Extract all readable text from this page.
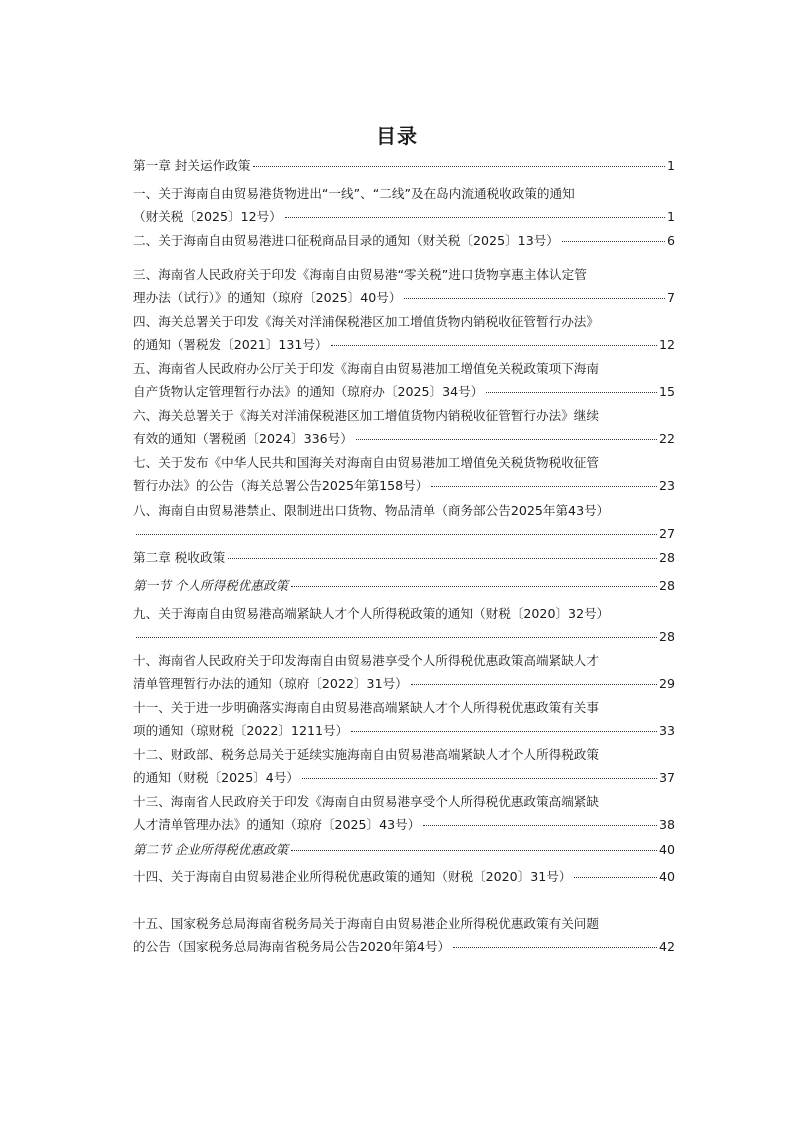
目录
第一章 封关运作政策	1
一、关于海南自由贸易港货物进出“一线”、“二线”及在岛内流通税收政策的通知
（财关税〔2025〕12号）	1
二、关于海南自由贸易港进口征税商品目录的通知（财关税〔2025〕13号）	6
三、海南省人民政府关于印发《海南自由贸易港“零关税”进口货物享惠主体认定管
理办法（试行）》的通知（琼府〔2025〕40号）	7
四、海关总署关于印发《海关对洋浦保税港区加工增值货物内销税收征管暂行办法》
的通知（署税发〔2021〕131号）	12
五、海南省人民政府办公厅关于印发《海南自由贸易港加工增值免关税政策项下海南
自产货物认定管理暂行办法》的通知（琼府办〔2025〕34号）	15
六、海关总署关于《海关对洋浦保税港区加工增值货物内销税收征管暂行办法》继续
有效的通知（署税函〔2024〕336号）	22
七、关于发布《中华人民共和国海关对海南自由贸易港加工增值免关税货物税收征管
暂行办法》的公告（海关总署公告2025年第158号）	23
八、海南自由贸易港禁止、限制进出口货物、物品清单（商务部公告2025年第43号）
27
第二章 税收政策	28
第一节 个人所得税优惠政策	28
九、关于海南自由贸易港高端紧缺人才个人所得税政策的通知（财税〔2020〕32号）
28
十、海南省人民政府关于印发海南自由贸易港享受个人所得税优惠政策高端紧缺人才
清单管理暂行办法的通知（琼府〔2022〕31号）	29
十一、关于进一步明确落实海南自由贸易港高端紧缺人才个人所得税优惠政策有关事
项的通知（琼财税〔2022〕1211号）	33
十二、财政部、税务总局关于延续实施海南自由贸易港高端紧缺人才个人所得税政策
的通知（财税〔2025〕4号）	37
十三、海南省人民政府关于印发《海南自由贸易港享受个人所得税优惠政策高端紧缺
人才清单管理办法》的通知（琼府〔2025〕43号）	38
第二节 企业所得税优惠政策	40
十四、关于海南自由贸易港企业所得税优惠政策的通知（财税〔2020〕31号）	40
十五、国家税务总局海南省税务局关于海南自由贸易港企业所得税优惠政策有关问题
的公告（国家税务总局海南省税务局公告2020年第4号）	42
